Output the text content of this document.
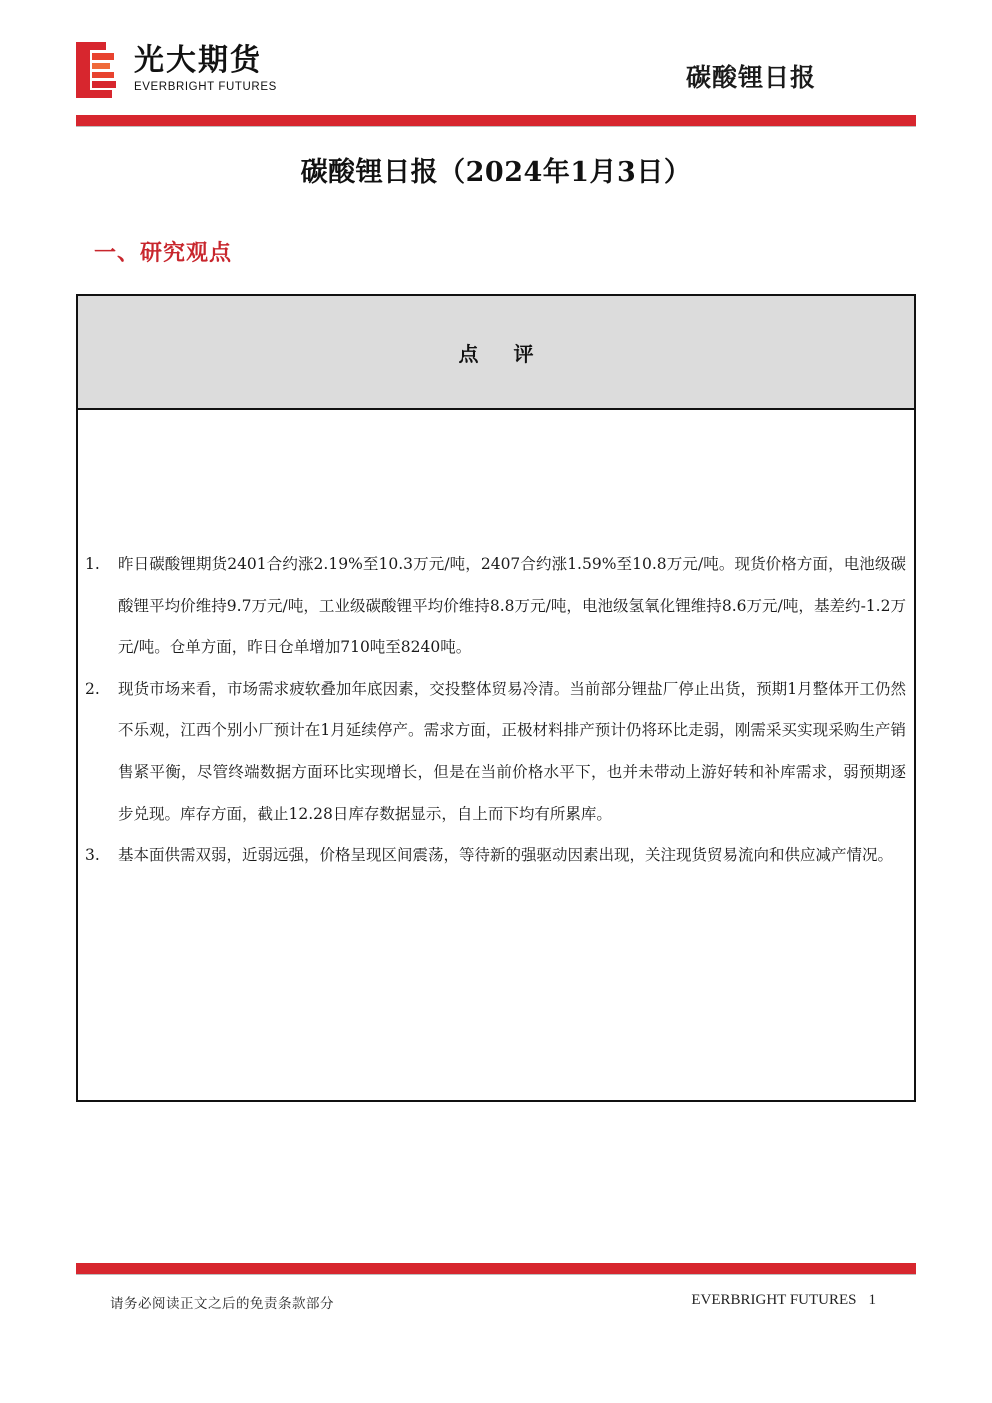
光大期货
EVERBRIGHT FUTURES	碳酸锂日报
碳酸锂日报（2024年1月3日）
一、研究观点
点 评
1. 昨日碳酸锂期货2401合约涨2.19%至10.3万元/吨，2407合约涨1.59%至10.8万元/吨。现货价格方面，电池级碳酸锂平均价维持9.7万元/吨，工业级碳酸锂平均价维持8.8万元/吨，电池级氢氧化锂维持8.6万元/吨，基差约-1.2万元/吨。仓单方面，昨日仓单增加710吨至8240吨。
2. 现货市场来看，市场需求疲软叠加年底因素，交投整体贸易冷清。当前部分锂盐厂停止出货，预期1月整体开工仍然不乐观，江西个别小厂预计在1月延续停产。需求方面，正极材料排产预计仍将环比走弱，刚需采买实现采购生产销售紧平衡，尽管终端数据方面环比实现增长，但是在当前价格水平下，也并未带动上游好转和补库需求，弱预期逐步兑现。库存方面，截止12.28日库存数据显示，自上而下均有所累库。
3. 基本面供需双弱，近弱远强，价格呈现区间震荡，等待新的强驱动因素出现，关注现货贸易流向和供应减产情况。
请务必阅读正文之后的免责条款部分	EVERBRIGHT FUTURES 1
